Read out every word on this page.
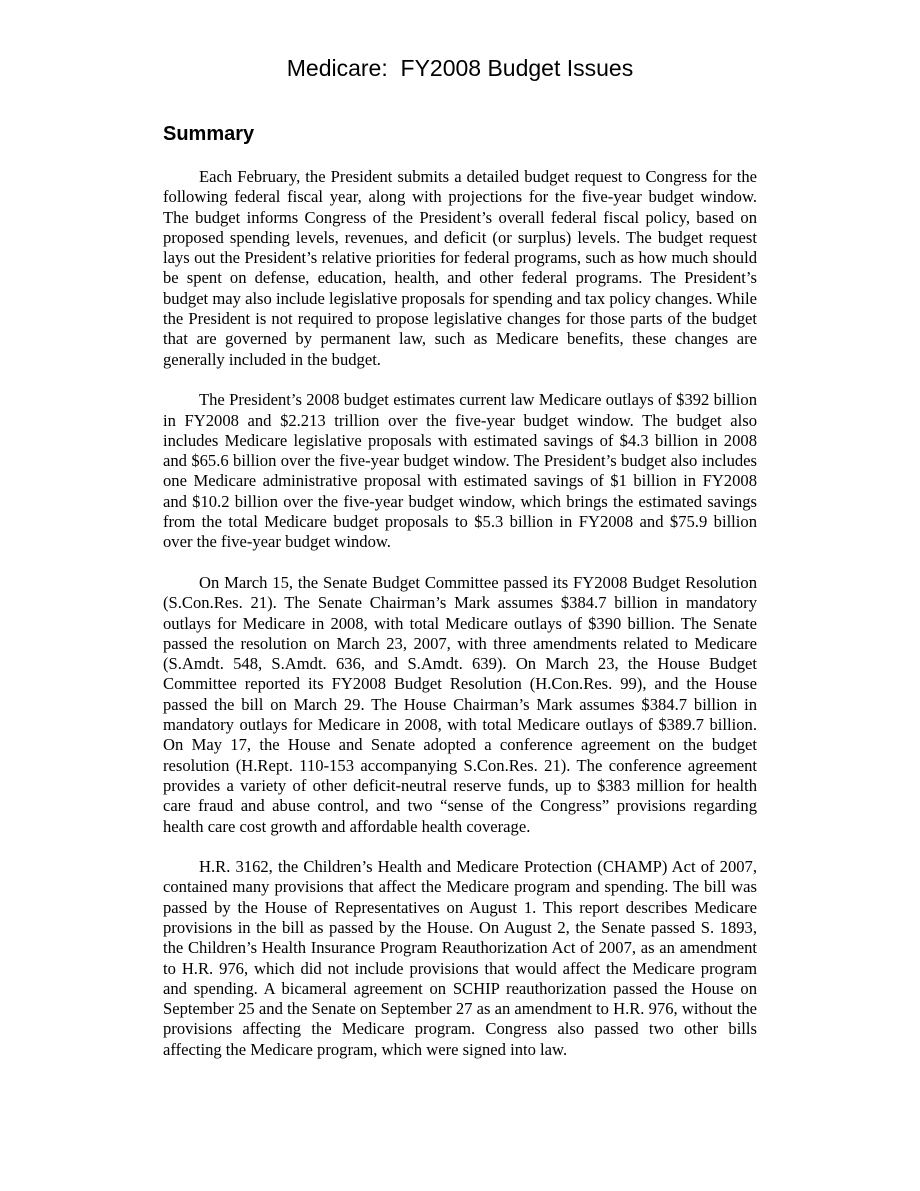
Medicare:  FY2008 Budget Issues
Summary

Each February, the President submits a detailed budget request to Congress for the following federal fiscal year, along with projections for the five-year budget window. The budget informs Congress of the President’s overall federal fiscal policy, based on proposed spending levels, revenues, and deficit (or surplus) levels. The budget request lays out the President’s relative priorities for federal programs, such as how much should be spent on defense, education, health, and other federal programs. The President’s budget may also include legislative proposals for spending and tax policy changes. While the President is not required to propose legislative changes for those parts of the budget that are governed by permanent law, such as Medicare benefits, these changes are generally included in the budget.

The President’s 2008 budget estimates current law Medicare outlays of $392 billion in FY2008 and $2.213 trillion over the five-year budget window. The budget also includes Medicare legislative proposals with estimated savings of $4.3 billion in 2008 and $65.6 billion over the five-year budget window. The President’s budget also includes one Medicare administrative proposal with estimated savings of $1 billion in FY2008 and $10.2 billion over the five-year budget window, which brings the estimated savings from the total Medicare budget proposals to $5.3 billion in FY2008 and $75.9 billion over the five-year budget window.

On March 15, the Senate Budget Committee passed its FY2008 Budget Resolution (S.Con.Res. 21). The Senate Chairman’s Mark assumes $384.7 billion in mandatory outlays for Medicare in 2008, with total Medicare outlays of $390 billion. The Senate passed the resolution on March 23, 2007, with three amendments related to Medicare (S.Amdt. 548, S.Amdt. 636, and S.Amdt. 639). On March 23, the House Budget Committee reported its FY2008 Budget Resolution (H.Con.Res. 99), and the House passed the bill on March 29. The House Chairman’s Mark assumes $384.7 billion in mandatory outlays for Medicare in 2008, with total Medicare outlays of $389.7 billion. On May 17, the House and Senate adopted a conference agreement on the budget resolution (H.Rept. 110-153 accompanying S.Con.Res. 21). The conference agreement provides a variety of other deficit-neutral reserve funds, up to $383 million for health care fraud and abuse control, and two “sense of the Congress” provisions regarding health care cost growth and affordable health coverage.

H.R. 3162, the Children’s Health and Medicare Protection (CHAMP) Act of 2007, contained many provisions that affect the Medicare program and spending. The bill was passed by the House of Representatives on August 1. This report describes Medicare provisions in the bill as passed by the House. On August 2, the Senate passed S. 1893, the Children’s Health Insurance Program Reauthorization Act of 2007, as an amendment to H.R. 976, which did not include provisions that would affect the Medicare program and spending. A bicameral agreement on SCHIP reauthorization passed the House on September 25 and the Senate on September 27 as an amendment to H.R. 976, without the provisions affecting the Medicare program. Congress also passed two other bills affecting the Medicare program, which were signed into law.
